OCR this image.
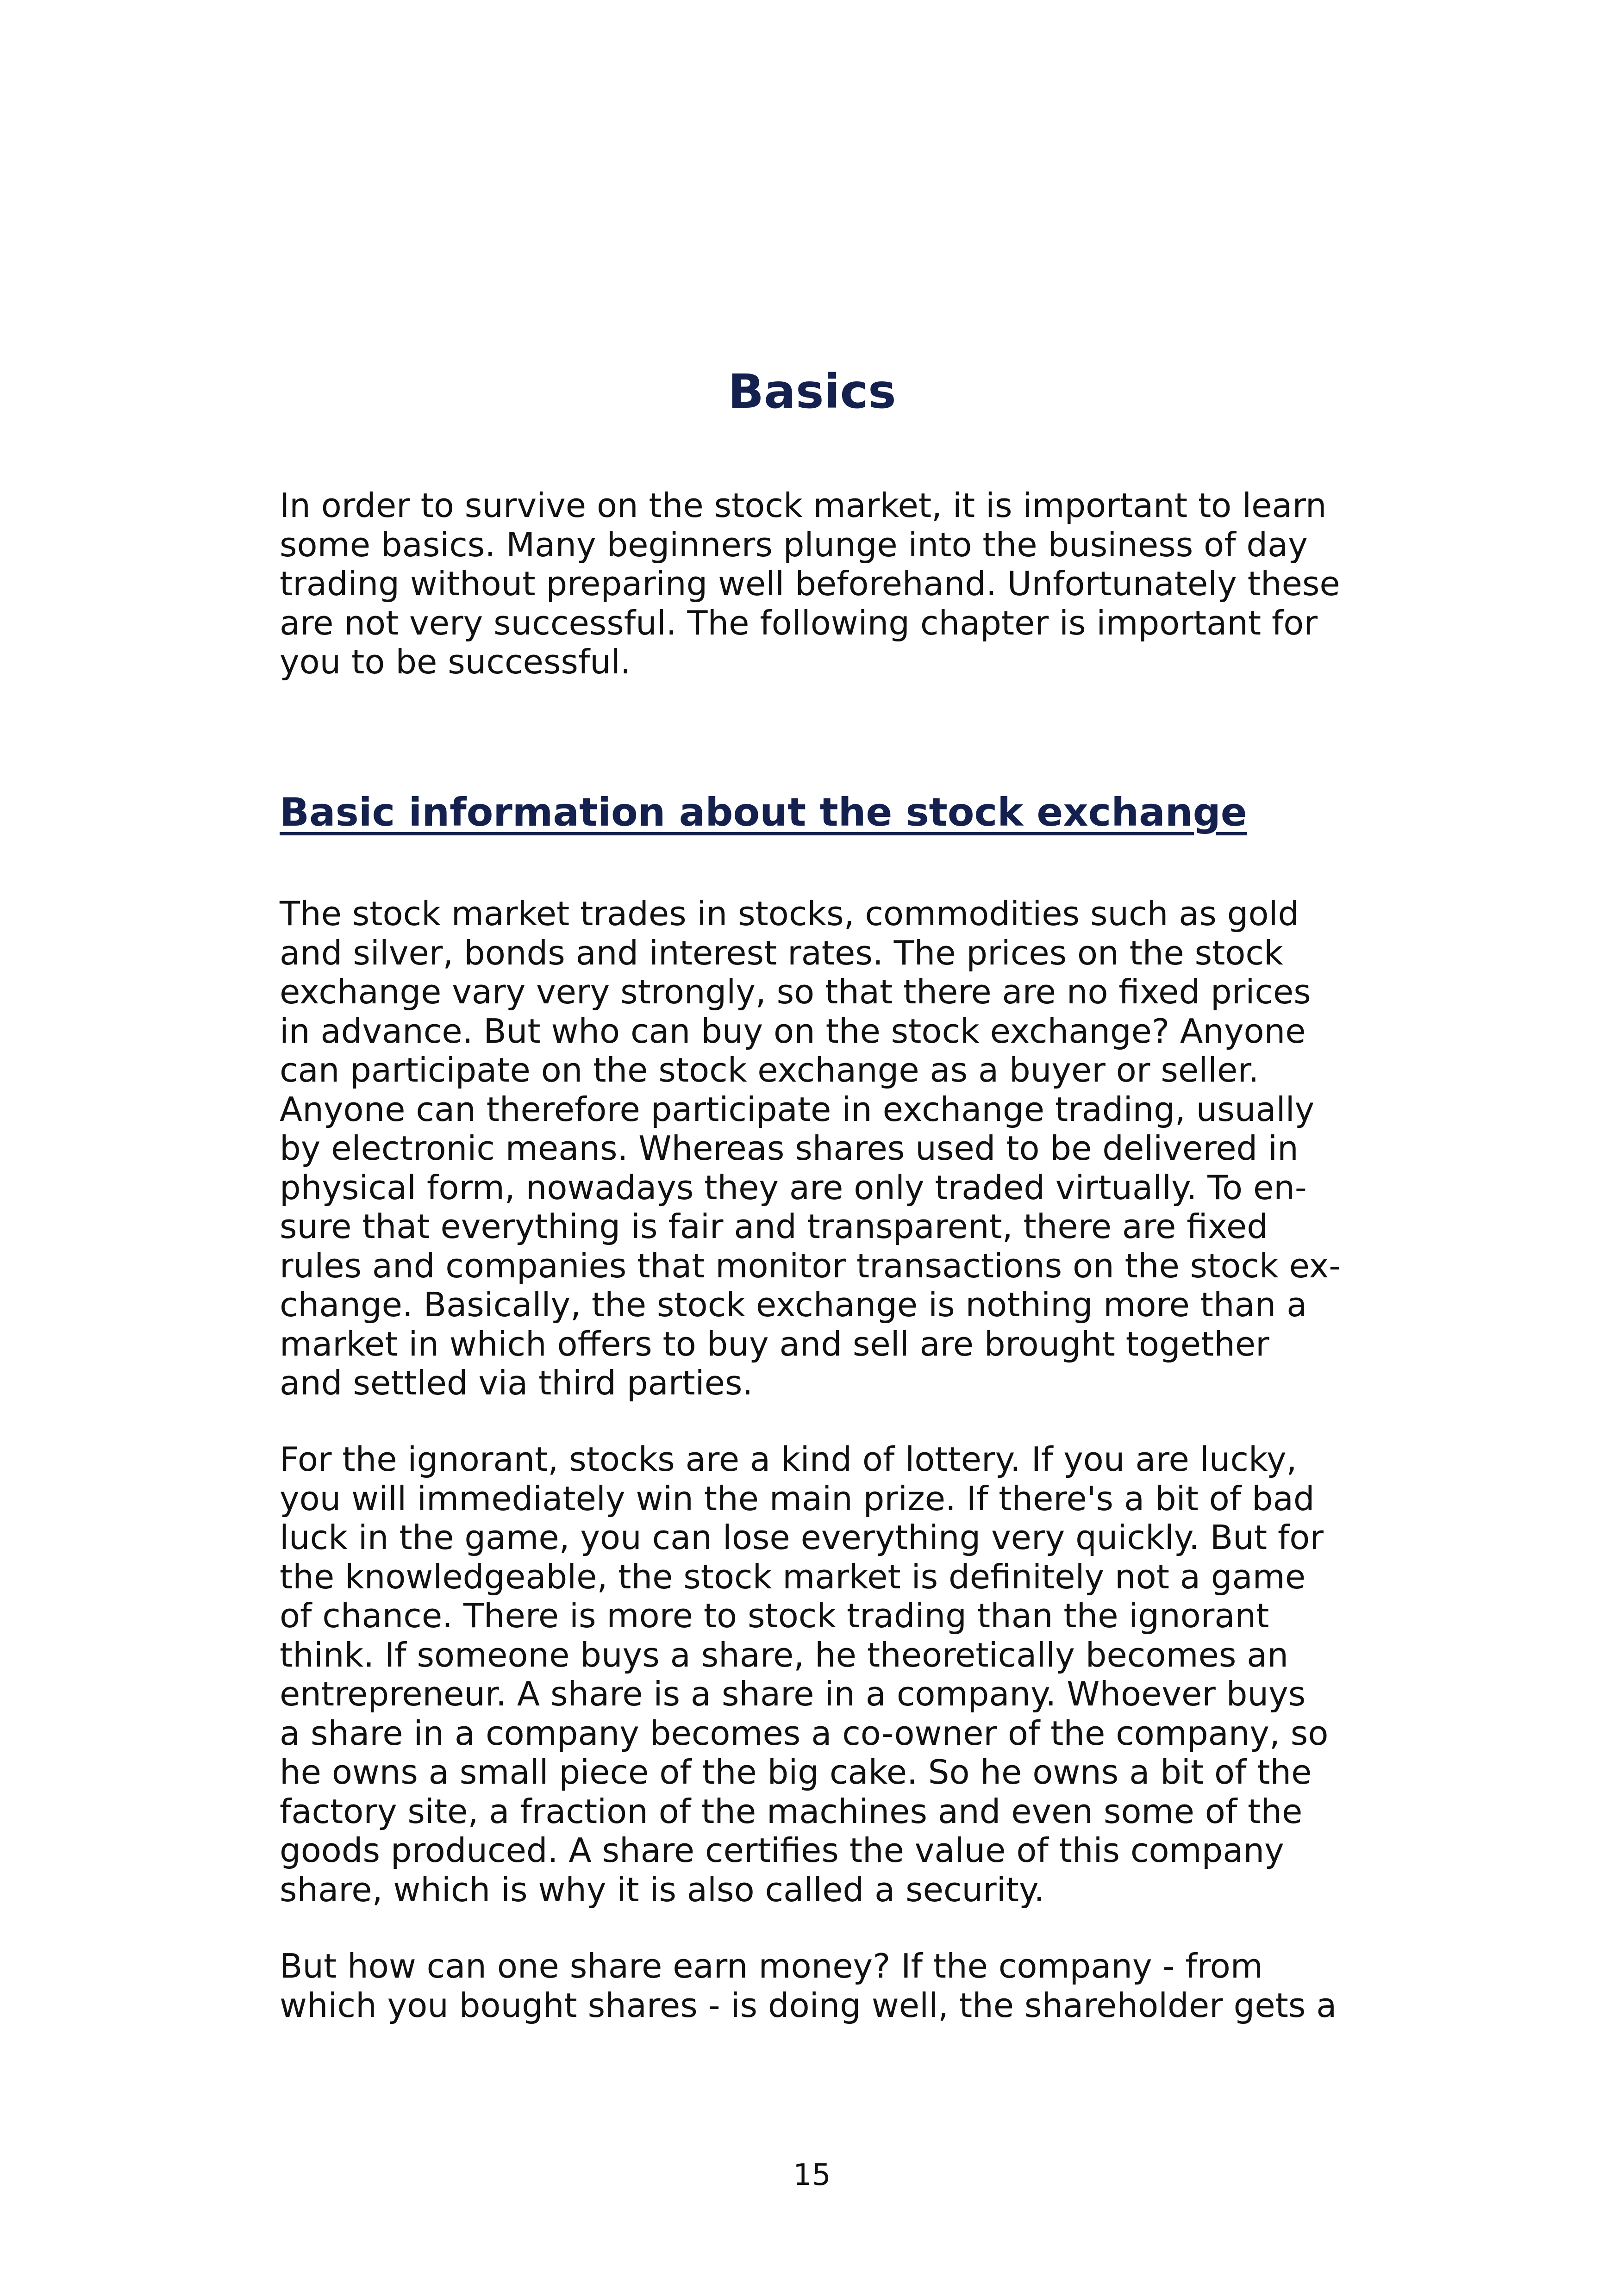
Basics
In order to survive on the stock market, it is important to learn
some basics. Many beginners plunge into the business of day
trading without preparing well beforehand. Unfortunately these
are not very successful. The following chapter is important for
you to be successful.
Basic information about the stock exchange
The stock market trades in stocks, commodities such as gold
and silver, bonds and interest rates. The prices on the stock
exchange vary very strongly, so that there are no fixed prices
in advance. But who can buy on the stock exchange? Anyone
can participate on the stock exchange as a buyer or seller.
Anyone can therefore participate in exchange trading, usually
by electronic means. Whereas shares used to be delivered in
physical form, nowadays they are only traded virtually. To en-
sure that everything is fair and transparent, there are fixed
rules and companies that monitor transactions on the stock ex-
change. Basically, the stock exchange is nothing more than a
market in which offers to buy and sell are brought together
and settled via third parties.
For the ignorant, stocks are a kind of lottery. If you are lucky,
you will immediately win the main prize. If there's a bit of bad
luck in the game, you can lose everything very quickly. But for
the knowledgeable, the stock market is definitely not a game
of chance. There is more to stock trading than the ignorant
think. If someone buys a share, he theoretically becomes an
entrepreneur. A share is a share in a company. Whoever buys
a share in a company becomes a co-owner of the company, so
he owns a small piece of the big cake. So he owns a bit of the
factory site, a fraction of the machines and even some of the
goods produced. A share certifies the value of this company
share, which is why it is also called a security.
But how can one share earn money? If the company - from
which you bought shares - is doing well, the shareholder gets a
15
